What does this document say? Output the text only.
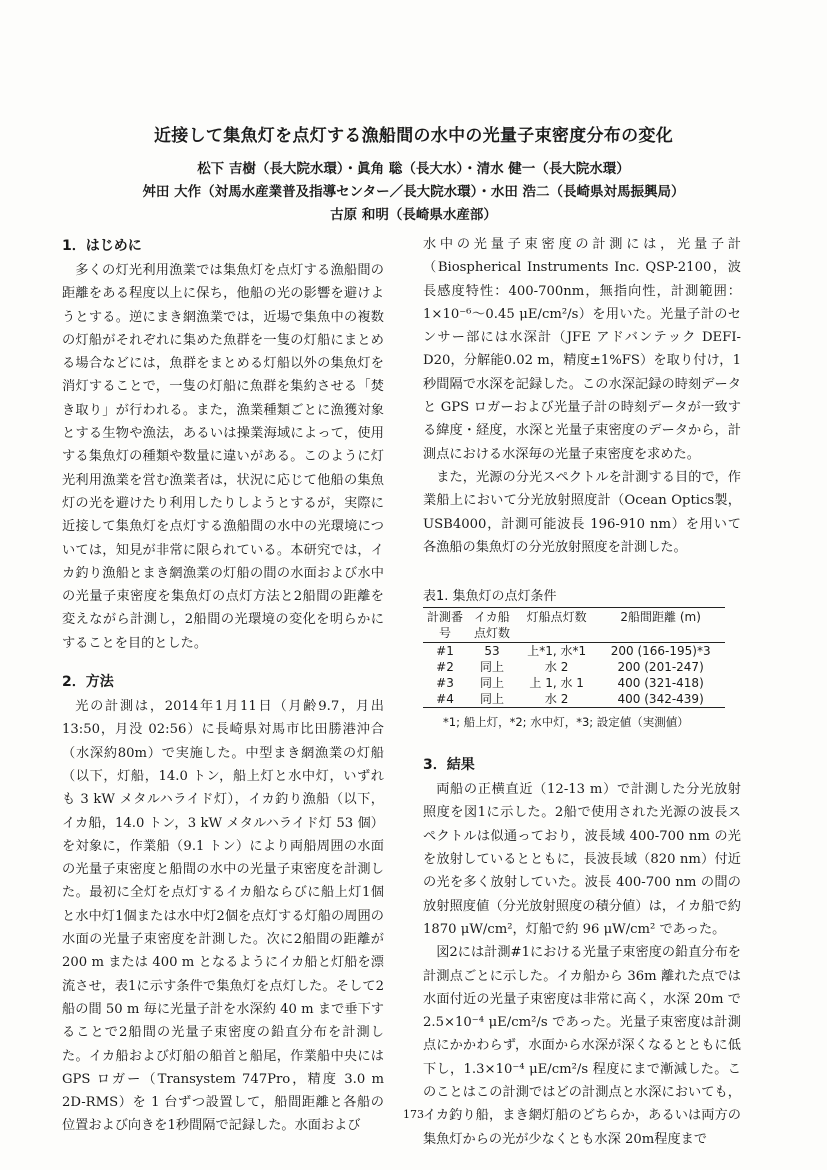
近接して集魚灯を点灯する漁船間の水中の光量子束密度分布の変化
松下 吉樹（長大院水環）・眞角 聡（長大水）・清水 健一（長大院水環）
舛田 大作（対馬水産業普及指導センター／長大院水環）・水田 浩二（長崎県対馬振興局）
古原 和明（長崎県水産部）
1．はじめに

多くの灯光利用漁業では集魚灯を点灯する漁船間の距離をある程度以上に保ち，他船の光の影響を避けようとする。逆にまき網漁業では，近場で集魚中の複数の灯船がそれぞれに集めた魚群を一隻の灯船にまとめる場合などには，魚群をまとめる灯船以外の集魚灯を消灯することで，一隻の灯船に魚群を集約させる「焚き取り」が行われる。また，漁業種類ごとに漁獲対象とする生物や漁法，あるいは操業海域によって，使用する集魚灯の種類や数量に違いがある。このように灯光利用漁業を営む漁業者は，状況に応じて他船の集魚灯の光を避けたり利用したりしようとするが，実際に近接して集魚灯を点灯する漁船間の水中の光環境については，知見が非常に限られている。本研究では，イカ釣り漁船とまき網漁業の灯船の間の水面および水中の光量子束密度を集魚灯の点灯方法と2船間の距離を変えながら計測し，2船間の光環境の変化を明らかにすることを目的とした。

2．方法

光の計測は，2014年1月11日（月齢9.7，月出13:50，月没 02:56）に長崎県対馬市比田勝港沖合（水深約80m）で実施した。中型まき網漁業の灯船（以下，灯船，14.0 トン，船上灯と水中灯，いずれも 3 kW メタルハライド灯），イカ釣り漁船（以下，イカ船，14.0 トン，3 kW メタルハライド灯 53 個）を対象に，作業船（9.1 トン）により両船周囲の水面の光量子束密度と船間の水中の光量子束密度を計測した。最初に全灯を点灯するイカ船ならびに船上灯1個と水中灯1個または水中灯2個を点灯する灯船の周囲の水面の光量子束密度を計測した。次に2船間の距離が 200 m または 400 m となるようにイカ船と灯船を漂流させ，表1に示す条件で集魚灯を点灯した。そして2船の間 50 m 毎に光量子計を水深約 40 m まで垂下することで2船間の光量子束密度の鉛直分布を計測した。イカ船および灯船の船首と船尾，作業船中央には GPS ロガー（Transystem 747Pro，精度 3.0 m 2D-RMS）を 1 台ずつ設置して，船間距離と各船の位置および向きを1秒間隔で記録した。水面および

水中の光量子束密度の計測には，光量子計（Biospherical Instruments Inc. QSP-2100，波長感度特性：400-700nm，無指向性，計測範囲：1×10⁻⁶～0.45 μE/cm²/s）を用いた。光量子計のセンサー部には水深計（JFE アドバンテック DEFI-D20，分解能0.02 m，精度±1%FS）を取り付け，1秒間隔で水深を記録した。この水深記録の時刻データと GPS ロガーおよび光量子計の時刻データが一致する緯度・経度，水深と光量子束密度のデータから，計測点における水深毎の光量子束密度を求めた。

また，光源の分光スペクトルを計測する目的で，作業船上において分光放射照度計（Ocean Optics製，USB4000，計測可能波長 196-910 nm）を用いて各漁船の集魚灯の分光放射照度を計測した。

表1. 集魚灯の点灯条件
計測番号	イカ船点灯数	灯船点灯数	2船間距離 (m)
#1	53	上*1, 水*1	200 (166-195)*3
#2	同上	水 2	200 (201-247)
#3	同上	上 1, 水 1	400 (321-418)
#4	同上	水 2	400 (342-439)
*1; 船上灯，*2; 水中灯，*3; 設定値（実測値）
3．結果

両船の正横直近（12-13 m）で計測した分光放射照度を図1に示した。2船で使用された光源の波長スペクトルは似通っており，波長域 400-700 nm の光を放射しているとともに，長波長域（820 nm）付近の光を多く放射していた。波長 400-700 nm の間の放射照度値（分光放射照度の積分値）は，イカ船で約 1870 μW/cm²，灯船で約 96 μW/cm² であった。

図2には計測#1における光量子束密度の鉛直分布を計測点ごとに示した。イカ船から 36m 離れた点では水面付近の光量子束密度は非常に高く，水深 20m で 2.5×10⁻⁴ μE/cm²/s であった。光量子束密度は計測点にかかわらず，水面から水深が深くなるとともに低下し，1.3×10⁻⁴ μE/cm²/s 程度にまで漸減した。このことはこの計測ではどの計測点と水深においても，イカ釣り船，まき網灯船のどちらか，あるいは両方の集魚灯からの光が少なくとも水深 20m程度まで

173
